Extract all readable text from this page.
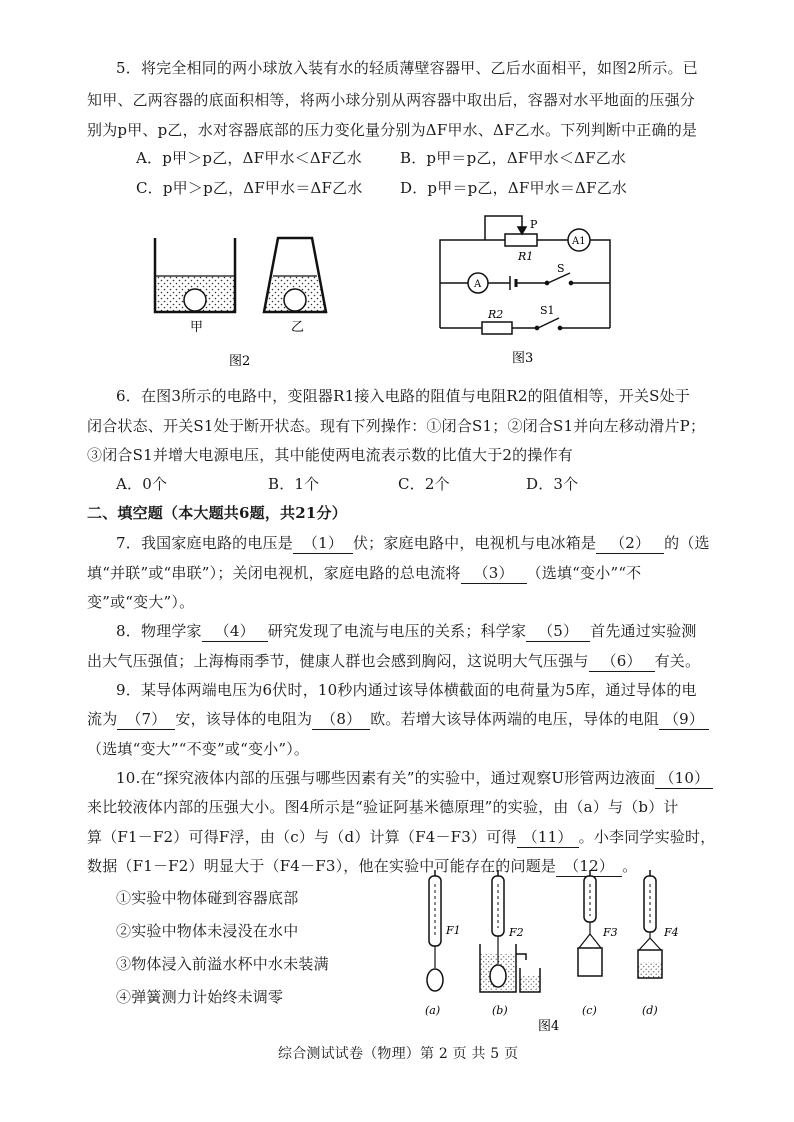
5．将完全相同的两小球放入装有水的轻质薄壁容器甲、乙后水面相平，如图2所示。已
知甲、乙两容器的底面积相等，将两小球分别从两容器中取出后，容器对水平地面的压强分
别为p甲、p乙，水对容器底部的压力变化量分别为ΔF甲水、ΔF乙水。下列判断中正确的是
A．p甲＞p乙，ΔF甲水＜ΔF乙水	B．p甲＝p乙，ΔF甲水＜ΔF乙水
C．p甲＞p乙，ΔF甲水＝ΔF乙水 D．p甲＝p乙，ΔF甲水＝ΔF乙水
甲	乙
图2
P
R1
A1
A
S
R2	S1
图3
6．在图3所示的电路中，变阻器R1接入电路的阻值与电阻R2的阻值相等，开关S处于
闭合状态、开关S1处于断开状态。现有下列操作：①闭合S1；②闭合S1并向左移动滑片P；
③闭合S1并增大电源电压，其中能使两电流表示数的比值大于2的操作有
A．0个	B．1个	C．2个	D．3个
二、填空题（本大题共6题，共21分）
7．我国家庭电路的电压是 （1） 伏；家庭电路中，电视机与电冰箱是 （2） 的（选
填“并联”或“串联”）；关闭电视机，家庭电路的总电流将 （3） （选填“变小”“不
变”或“变大”）。
8．物理学家 （4） 研究发现了电流与电压的关系；科学家 （5） 首先通过实验测
出大气压强值；上海梅雨季节，健康人群也会感到胸闷，这说明大气压强与 （6） 有关。
9．某导体两端电压为6伏时，10秒内通过该导体横截面的电荷量为5库，通过导体的电
流为 （7） 安，该导体的电阻为 （8） 欧。若增大该导体两端的电压，导体的电阻 （9）
（选填“变大”“不变”或“变小”）。
10.在“探究液体内部的压强与哪些因素有关”的实验中，通过观察U形管两边液面 （10）
来比较液体内部的压强大小。图4所示是“验证阿基米德原理”的实验，由（a）与（b）计
算（F1－F2）可得F浮，由（c）与（d）计算（F4－F3）可得 （11） 。小李同学实验时，
数据（F1－F2）明显大于（F4－F3），他在实验中可能存在的问题是 （12） 。
①实验中物体碰到容器底部
②实验中物体未浸没在水中
③物体浸入前溢水杯中水未装满
④弹簧测力计始终未调零
F1
(a)
F2
(b)
F3
(c)
F4
(d)
图4
综合测试试卷（物理）第 2 页 共 5 页
